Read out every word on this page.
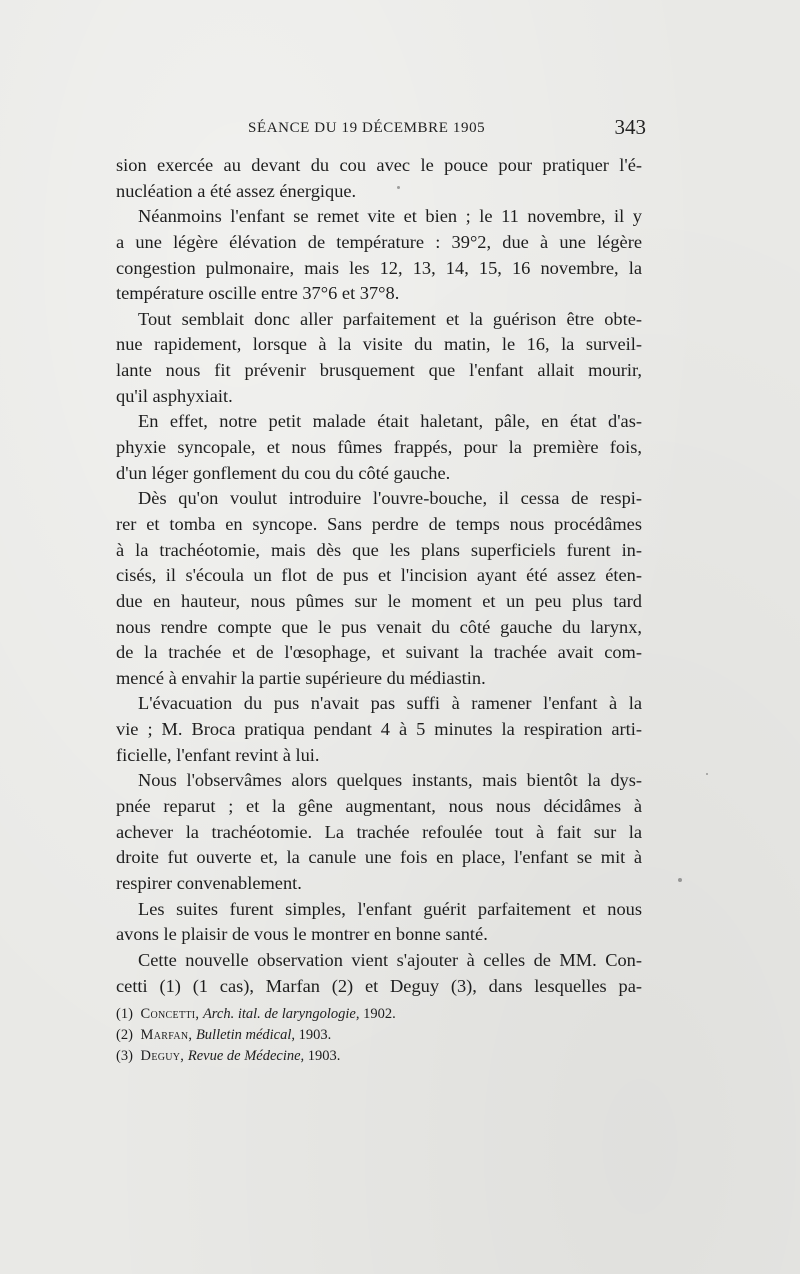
SÉANCE DU 19 DÉCEMBRE 1905	343
sion exercée au devant du cou avec le pouce pour pratiquer l'é-
nucléation a été assez énergique.
Néanmoins l'enfant se remet vite et bien ; le 11 novembre, il y
a une légère élévation de température : 39°2, due à une légère
congestion pulmonaire, mais les 12, 13, 14, 15, 16 novembre, la
température oscille entre 37°6 et 37°8.
Tout semblait donc aller parfaitement et la guérison être obte-
nue rapidement, lorsque à la visite du matin, le 16, la surveil-
lante nous fit prévenir brusquement que l'enfant allait mourir,
qu'il asphyxiait.
En effet, notre petit malade était haletant, pâle, en état d'as-
phyxie syncopale, et nous fûmes frappés, pour la première fois,
d'un léger gonflement du cou du côté gauche.
Dès qu'on voulut introduire l'ouvre-bouche, il cessa de respi-
rer et tomba en syncope. Sans perdre de temps nous procédâmes
à la trachéotomie, mais dès que les plans superficiels furent in-
cisés, il s'écoula un flot de pus et l'incision ayant été assez éten-
due en hauteur, nous pûmes sur le moment et un peu plus tard
nous rendre compte que le pus venait du côté gauche du larynx,
de la trachée et de l'œsophage, et suivant la trachée avait com-
mencé à envahir la partie supérieure du médiastin.
L'évacuation du pus n'avait pas suffi à ramener l'enfant à la
vie ; M. Broca pratiqua pendant 4 à 5 minutes la respiration arti-
ficielle, l'enfant revint à lui.
Nous l'observâmes alors quelques instants, mais bientôt la dys-
pnée reparut ; et la gêne augmentant, nous nous décidâmes à
achever la trachéotomie. La trachée refoulée tout à fait sur la
droite fut ouverte et, la canule une fois en place, l'enfant se mit à
respirer convenablement.
Les suites furent simples, l'enfant guérit parfaitement et nous
avons le plaisir de vous le montrer en bonne santé.
Cette nouvelle observation vient s'ajouter à celles de MM. Con-
cetti (1) (1 cas), Marfan (2) et Deguy (3), dans lesquelles pa-
(1) Concetti, Arch. ital. de laryngologie, 1902.
(2) Marfan, Bulletin médical, 1903.
(3) Deguy, Revue de Médecine, 1903.
